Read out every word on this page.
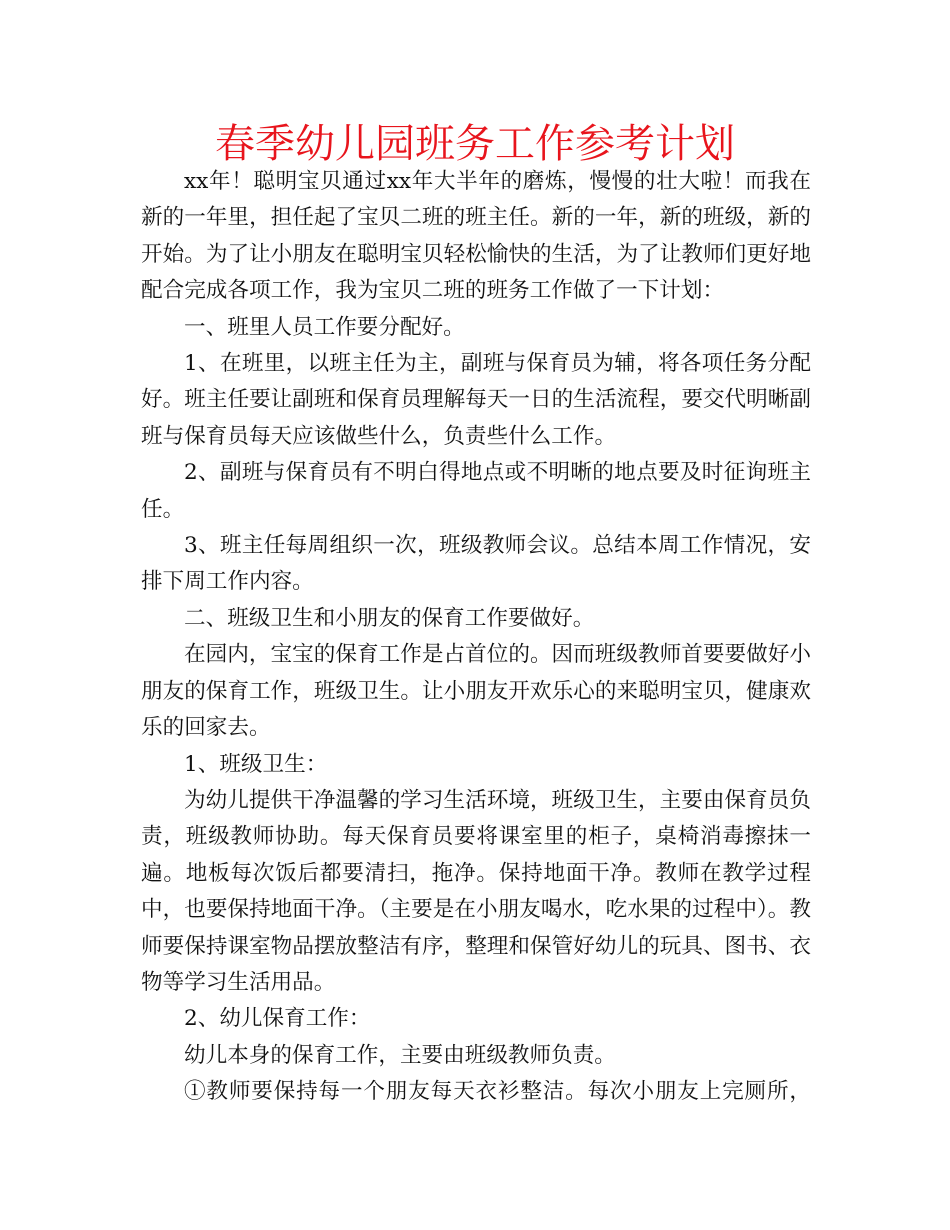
春季幼儿园班务工作参考计划

xx年！聪明宝贝通过xx年大半年的磨炼，慢慢的壮大啦！而我在新的一年里，担任起了宝贝二班的班主任。新的一年，新的班级，新的开始。为了让小朋友在聪明宝贝轻松愉快的生活，为了让教师们更好地配合完成各项工作，我为宝贝二班的班务工作做了一下计划：

一、班里人员工作要分配好。

1、在班里，以班主任为主，副班与保育员为辅，将各项任务分配好。班主任要让副班和保育员理解每天一日的生活流程，要交代明晰副班与保育员每天应该做些什么，负责些什么工作。

2、副班与保育员有不明白得地点或不明晰的地点要及时征询班主任。

3、班主任每周组织一次，班级教师会议。总结本周工作情况，安排下周工作内容。

二、班级卫生和小朋友的保育工作要做好。

在园内，宝宝的保育工作是占首位的。因而班级教师首要要做好小朋友的保育工作，班级卫生。让小朋友开欢乐心的来聪明宝贝，健康欢乐的回家去。

1、班级卫生：

为幼儿提供干净温馨的学习生活环境，班级卫生，主要由保育员负责，班级教师协助。每天保育员要将课室里的柜子，桌椅消毒擦抹一遍。地板每次饭后都要清扫，拖净。保持地面干净。教师在教学过程中，也要保持地面干净。（主要是在小朋友喝水，吃水果的过程中）。教师要保持课室物品摆放整洁有序，整理和保管好幼儿的玩具、图书、衣物等学习生活用品。

2、幼儿保育工作：

幼儿本身的保育工作，主要由班级教师负责。

①教师要保持每一个朋友每天衣衫整洁。每次小朋友上完厕所，
